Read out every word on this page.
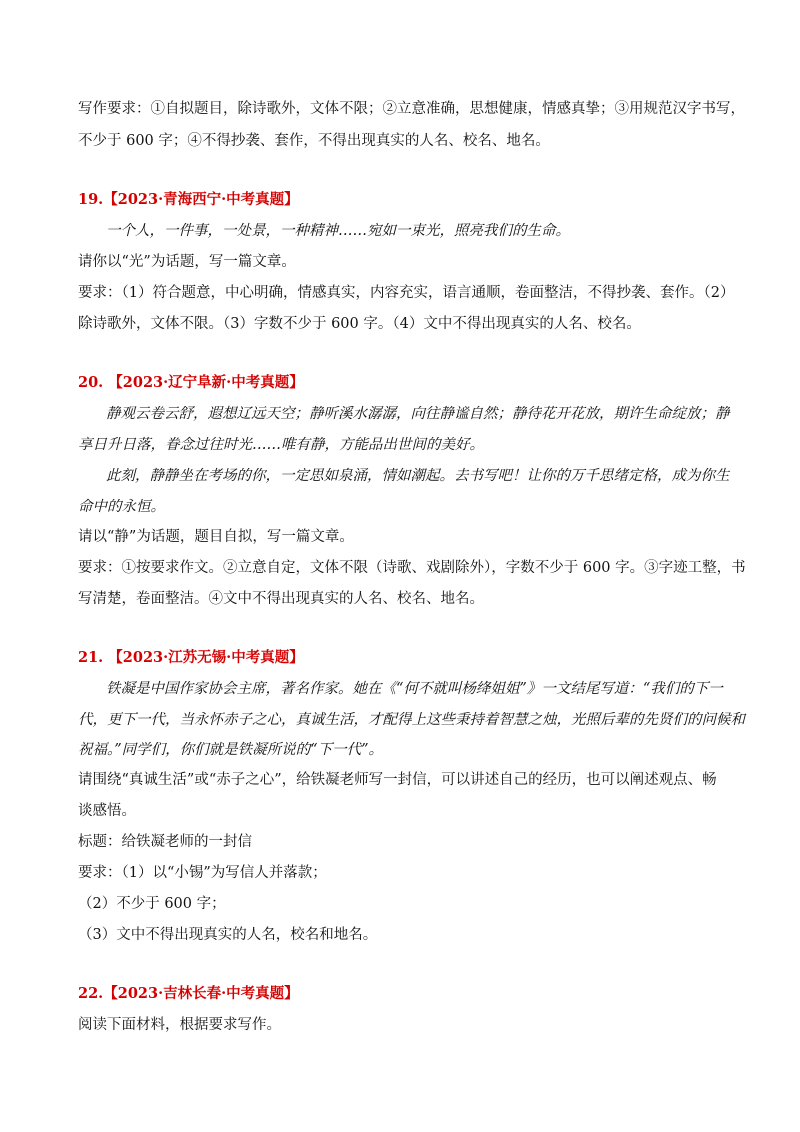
写作要求：①自拟题目，除诗歌外，文体不限；②立意准确，思想健康，情感真挚；③用规范汉字书写，
不少于 600 字；④不得抄袭、套作，不得出现真实的人名、校名、地名。
19.【2023·青海西宁·中考真题】
一个人，一件事，一处景，一种精神……宛如一束光，照亮我们的生命。
请你以“光”为话题，写一篇文章。
要求：（1）符合题意，中心明确，情感真实，内容充实，语言通顺，卷面整洁，不得抄袭、套作。（2）
除诗歌外，文体不限。（3）字数不少于 600 字。（4）文中不得出现真实的人名、校名。
20. 【2023·辽宁阜新·中考真题】
静观云卷云舒，遐想辽远天空；静听溪水潺潺，向往静谧自然；静待花开花放，期许生命绽放；静
享日升日落，眷念过往时光……唯有静，方能品出世间的美好。
此刻，静静坐在考场的你，一定思如泉涌，情如潮起。去书写吧！让你的万千思绪定格，成为你生
命中的永恒。
请以“静”为话题，题目自拟，写一篇文章。
要求：①按要求作文。②立意自定，文体不限（诗歌、戏剧除外），字数不少于 600 字。③字迹工整，书
写清楚，卷面整洁。④文中不得出现真实的人名、校名、地名。
21. 【2023·江苏无锡·中考真题】
铁凝是中国作家协会主席，著名作家。她在《“何不就叫杨绛姐姐”》一文结尾写道：“我们的下一
代，更下一代，当永怀赤子之心，真诚生活，才配得上这些秉持着智慧之烛，光照后辈的先贤们的问候和
祝福。”同学们，你们就是铁凝所说的“下一代”。
请围绕“真诚生活”或“赤子之心”，给铁凝老师写一封信，可以讲述自己的经历，也可以阐述观点、畅
谈感悟。
标题：给铁凝老师的一封信
要求：（1）以“小锡”为写信人并落款；
（2）不少于 600 字；
（3）文中不得出现真实的人名，校名和地名。
22.【2023·吉林长春·中考真题】
阅读下面材料，根据要求写作。
